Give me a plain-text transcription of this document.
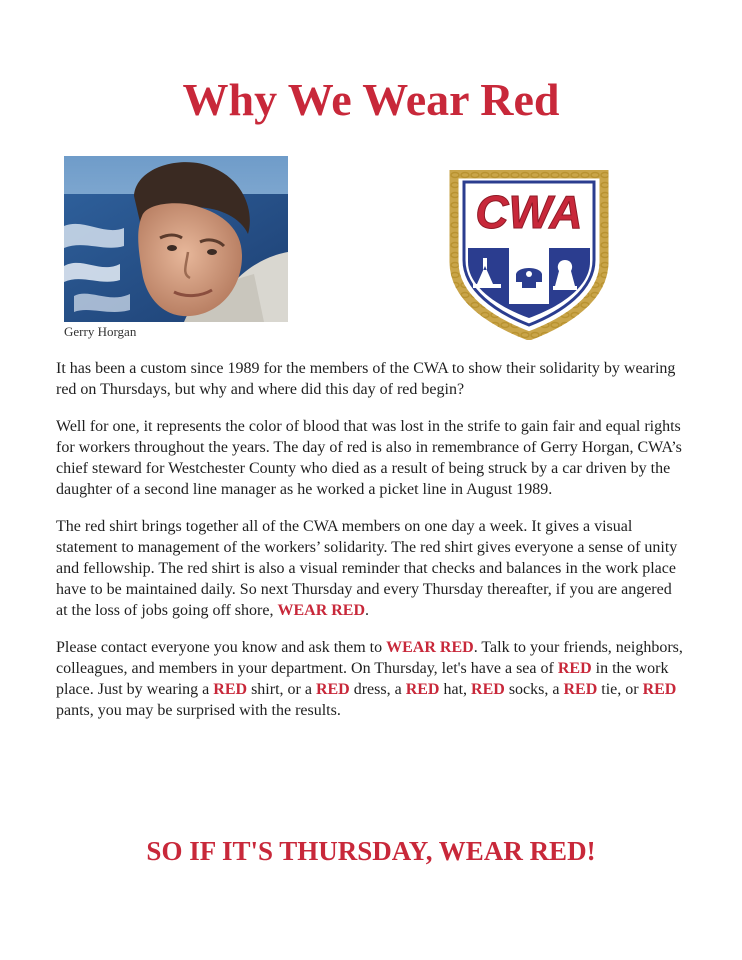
Why We Wear Red
Gerry Horgan
CWA

It has been a custom since 1989 for the members of the CWA to show their solidarity by wearing red on Thursdays, but why and where did this day of red begin?

Well for one, it represents the color of blood that was lost in the strife to gain fair and equal rights for workers throughout the years. The day of red is also in remembrance of Gerry Horgan, CWA’s chief steward for Westchester County who died as a result of being struck by a car driven by the daughter of a second line manager as he worked a picket line in August 1989.

The red shirt brings together all of the CWA members on one day a week. It gives a visual statement to management of the workers’ solidarity. The red shirt gives everyone a sense of unity and fellowship. The red shirt is also a visual reminder that checks and balances in the work place have to be maintained daily. So next Thursday and every Thursday thereafter, if you are angered at the loss of jobs going off shore, WEAR RED.

Please contact everyone you know and ask them to WEAR RED. Talk to your friends, neighbors, colleagues, and members in your department. On Thursday, let's have a sea of RED in the work place. Just by wearing a RED shirt, or a RED dress, a RED hat, RED socks, a RED tie, or RED pants, you may be surprised with the results.

SO IF IT'S THURSDAY, WEAR RED!
